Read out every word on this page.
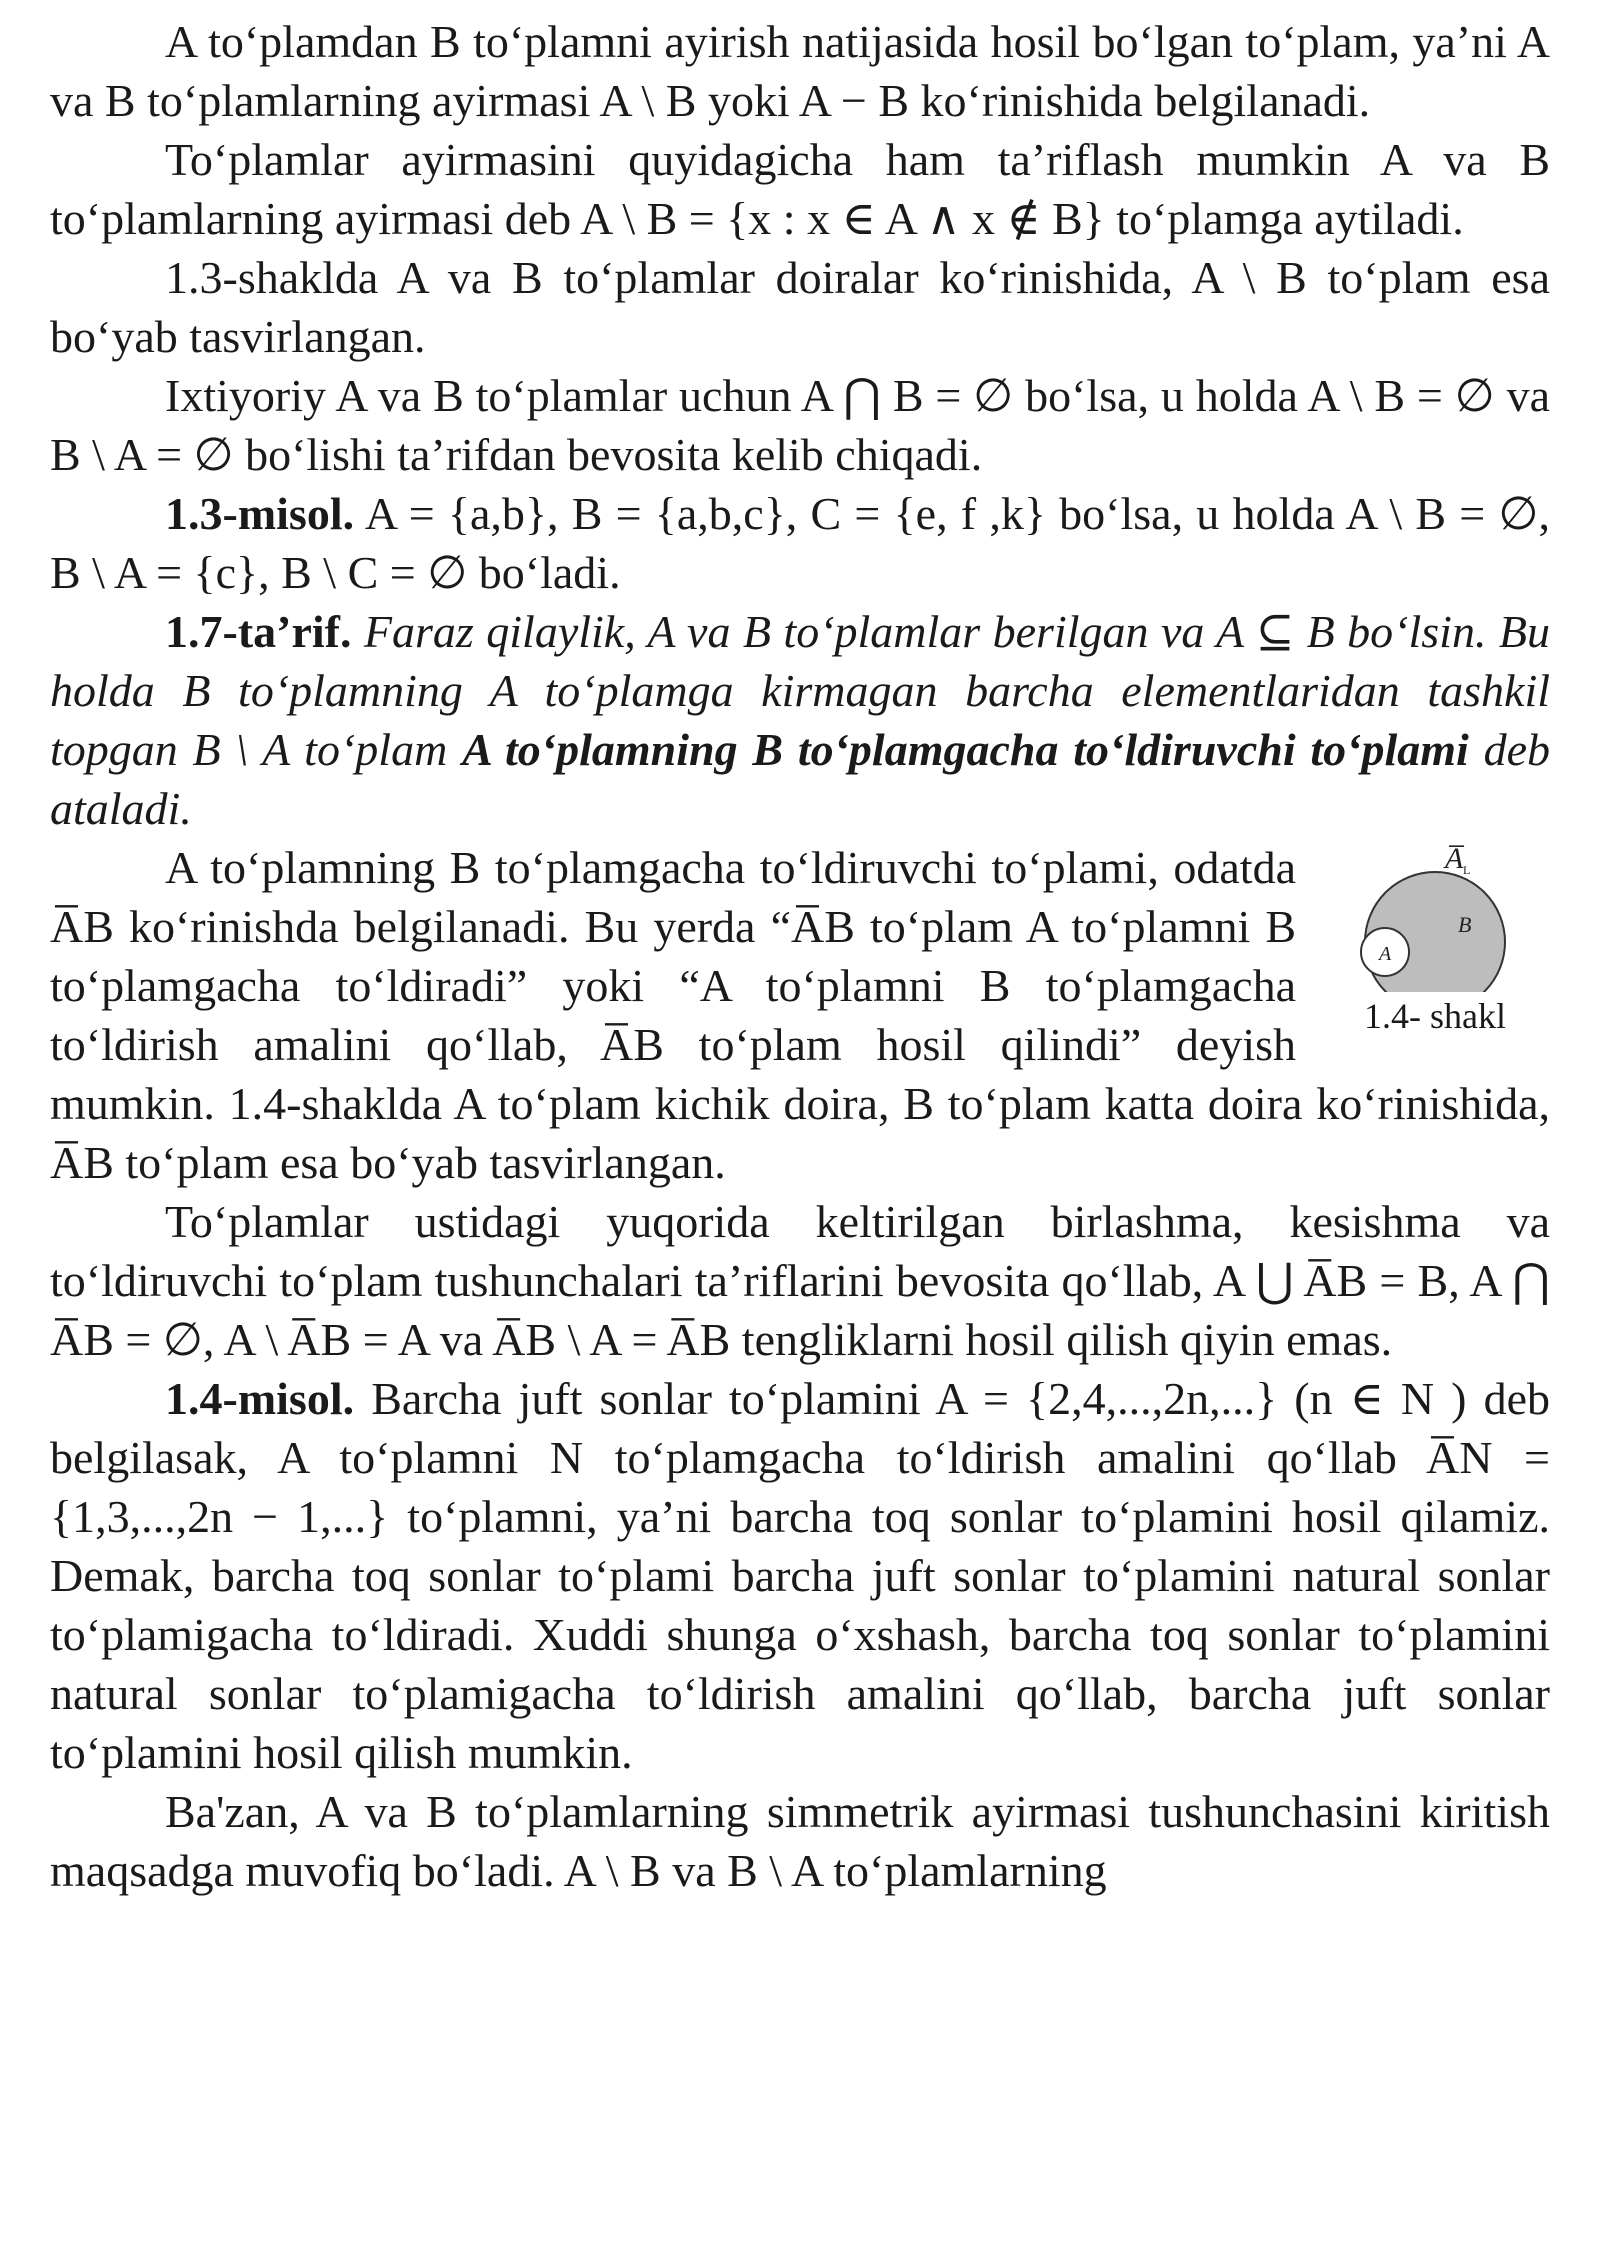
A to‘plamdan B to‘plamni ayirish natijasida hosil bo‘lgan to‘plam, ya’ni A va B to‘plamlarning ayirmasi A \ B yoki A − B ko‘rinishida belgilanadi.

To‘plamlar ayirmasini quyidagicha ham ta’riflash mumkin A va B to‘plamlarning ayirmasi deb A \ B = {x : x ∈ A ∧ x ∉ B} to‘plamga aytiladi.

1.3-shaklda A va B to‘plamlar doiralar ko‘rinishida, A \ B to‘plam esa bo‘yab tasvirlangan.

Ixtiyoriy A va B to‘plamlar uchun A ⋂ B = ∅ bo‘lsa, u holda A \ B = ∅ va B \ A = ∅ bo‘lishi ta’rifdan bevosita kelib chiqadi.

1.3-misol. A = {a,b}, B = {a,b,c}, C = {e, f ,k} bo‘lsa, u holda A \ B = ∅, B \ A = {c}, B \ C = ∅ bo‘ladi.

1.7-ta’rif. Faraz qilaylik, A va B to‘plamlar berilgan va A ⊆ B bo‘lsin. Bu holda B to‘plamning A to‘plamga kirmagan barcha elementlaridan tashkil topgan B \ A to‘plam A to‘plamning B to‘plamgacha to‘ldiruvchi to‘plami deb ataladi.

A̅ L
B
A
1.4- shakl

A to‘plamning B to‘plamgacha to‘ldiruvchi to‘plami, odatda A̅B ko‘rinishda belgilanadi. Bu yerda “A̅B to‘plam A to‘plamni B to‘plamgacha to‘ldiradi” yoki “A to‘plamni B to‘plamgacha to‘ldirish amalini qo‘llab, A̅B to‘plam hosil qilindi” deyish mumkin. 1.4-shaklda A to‘plam kichik doira, B to‘plam katta doira ko‘rinishida, A̅B to‘plam esa bo‘yab tasvirlangan.

To‘plamlar ustidagi yuqorida keltirilgan birlashma, kesishma va to‘ldiruvchi to‘plam tushunchalari ta’riflarini bevosita qo‘llab, A ⋃ A̅B = B, A ⋂ A̅B = ∅, A \ A̅B = A va A̅B \ A = A̅B tengliklarni hosil qilish qiyin emas.

1.4-misol. Barcha juft sonlar to‘plamini A = {2,4,...,2n,...} (n ∈ N ) deb belgilasak, A to‘plamni N to‘plamgacha to‘ldirish amalini qo‘llab A̅N = {1,3,...,2n − 1,...} to‘plamni, ya’ni barcha toq sonlar to‘plamini hosil qilamiz. Demak, barcha toq sonlar to‘plami barcha juft sonlar to‘plamini natural sonlar to‘plamigacha to‘ldiradi. Xuddi shunga o‘xshash, barcha toq sonlar to‘plamini natural sonlar to‘plamigacha to‘ldirish amalini qo‘llab, barcha juft sonlar to‘plamini hosil qilish mumkin.

Ba'zan, A va B to‘plamlarning simmetrik ayirmasi tushunchasini kiritish maqsadga muvofiq bo‘ladi. A \ B va B \ A to‘plamlarning
